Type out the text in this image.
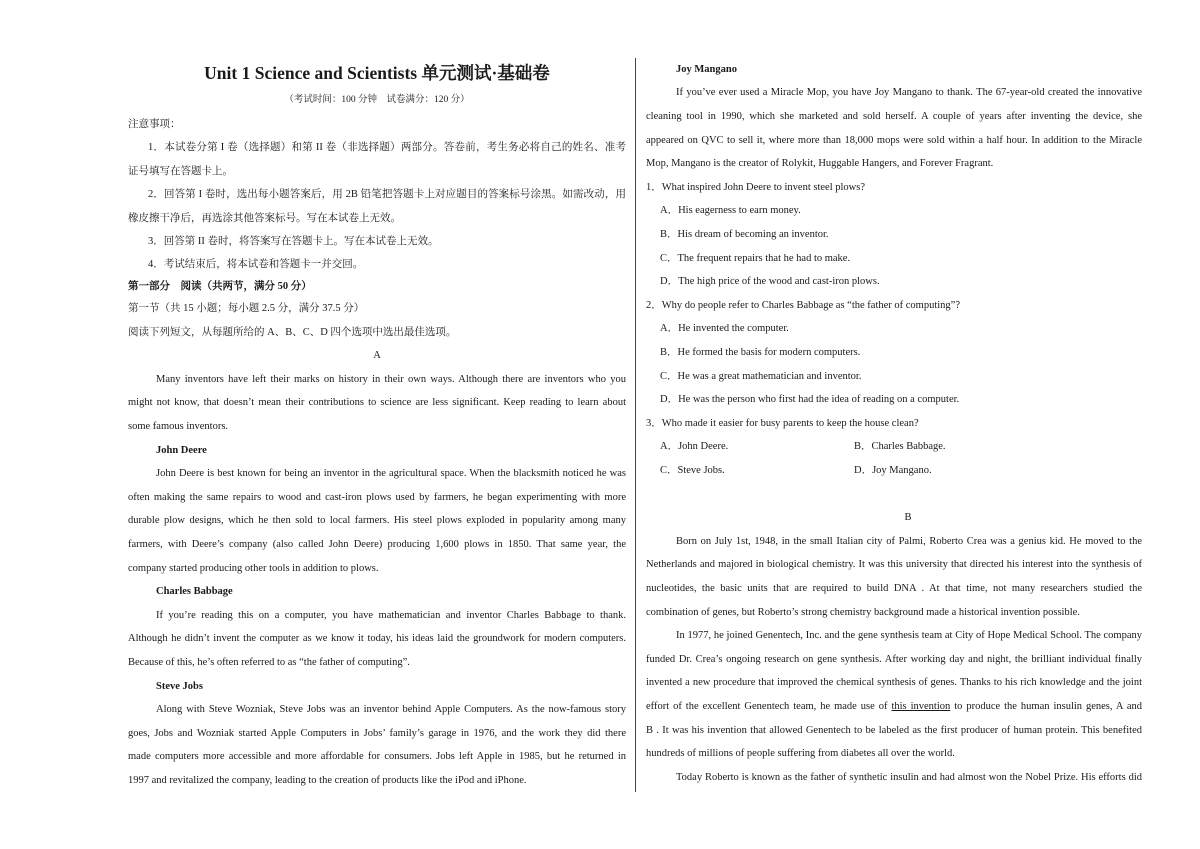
Unit 1 Science and Scientists 单元测试·基础卷
（考试时间：100 分钟　试卷满分：120 分）
注意事项：
1．本试卷分第 I 卷（选择题）和第 II 卷（非选择题）两部分。答卷前，考生务必将自己的姓名、准考
证号填写在答题卡上。
2．回答第 I 卷时，选出每小题答案后，用 2B 铅笔把答题卡上对应题目的答案标号涂黑。如需改动，用
橡皮擦干净后，再选涂其他答案标号。写在本试卷上无效。
3．回答第 II 卷时，将答案写在答题卡上。写在本试卷上无效。
4．考试结束后，将本试卷和答题卡一并交回。
第一部分　阅读（共两节，满分 50 分）
第一节（共 15 小题；每小题 2.5 分，满分 37.5 分）
阅读下列短文，从每题所给的 A、B、C、D 四个选项中选出最佳选项。
A
Many inventors have left their marks on history in their own ways. Although there are inventors who you
might not know, that doesn’t mean their contributions to science are less significant. Keep reading to learn about
some famous inventors.
John Deere
John Deere is best known for being an inventor in the agricultural space. When the blacksmith noticed he was
often making the same repairs to wood and cast-iron plows used by farmers, he began experimenting with more
durable plow designs, which he then sold to local farmers. His steel plows exploded in popularity among many
farmers, with Deere’s company (also called John Deere) producing 1,600 plows in 1850. That same year, the
company started producing other tools in addition to plows.
Charles Babbage
If you’re reading this on a computer, you have mathematician and inventor Charles Babbage to thank.
Although he didn’t invent the computer as we know it today, his ideas laid the groundwork for modern computers.
Because of this, he’s often referred to as “the father of computing”.
Steve Jobs
Along with Steve Wozniak, Steve Jobs was an inventor behind Apple Computers. As the now-famous story
goes, Jobs and Wozniak started Apple Computers in Jobs’ family’s garage in 1976, and the work they did there
made computers more accessible and more affordable for consumers. Jobs left Apple in 1985, but he returned in
1997 and revitalized the company, leading to the creation of products like the iPod and iPhone.
Joy Mangano
If you’ve ever used a Miracle Mop, you have Joy Mangano to thank. The 67-year-old created the innovative
cleaning tool in 1990, which she marketed and sold herself. A couple of years after inventing the device, she
appeared on QVC to sell it, where more than 18,000 mops were sold within a half hour. In addition to the Miracle
Mop, Mangano is the creator of Rolykit, Huggable Hangers, and Forever Fragrant.
1．What inspired John Deere to invent steel plows?
A．His eagerness to earn money.
B．His dream of becoming an inventor.
C．The frequent repairs that he had to make.
D．The high price of the wood and cast-iron plows.
2．Why do people refer to Charles Babbage as “the father of computing”?
A．He invented the computer.
B．He formed the basis for modern computers.
C．He was a great mathematician and inventor.
D．He was the person who first had the idea of reading on a computer.
3．Who made it easier for busy parents to keep the house clean?
A．John Deere.	B．Charles Babbage.
C．Steve Jobs.	D．Joy Mangano.
B
Born on July 1st, 1948, in the small Italian city of Palmi, Roberto Crea was a genius kid. He moved to the
Netherlands and majored in biological chemistry. It was this university that directed his interest into the synthesis of
nucleotides, the basic units that are required to build DNA . At that time, not many researchers studied the
combination of genes, but Roberto’s strong chemistry background made a historical invention possible.
In 1977, he joined Genentech, Inc. and the gene synthesis team at City of Hope Medical School. The company
funded Dr. Crea’s ongoing research on gene synthesis. After working day and night, the brilliant individual finally
invented a new procedure that improved the chemical synthesis of genes. Thanks to his rich knowledge and the joint
effort of the excellent Genentech team, he made use of this invention to produce the human insulin genes, A and
B . It was his invention that allowed Genentech to be labeled as the first producer of human protein. This benefited
hundreds of millions of people suffering from diabetes all over the world.
Today Roberto is known as the father of synthetic insulin and had almost won the Nobel Prize. His efforts did
